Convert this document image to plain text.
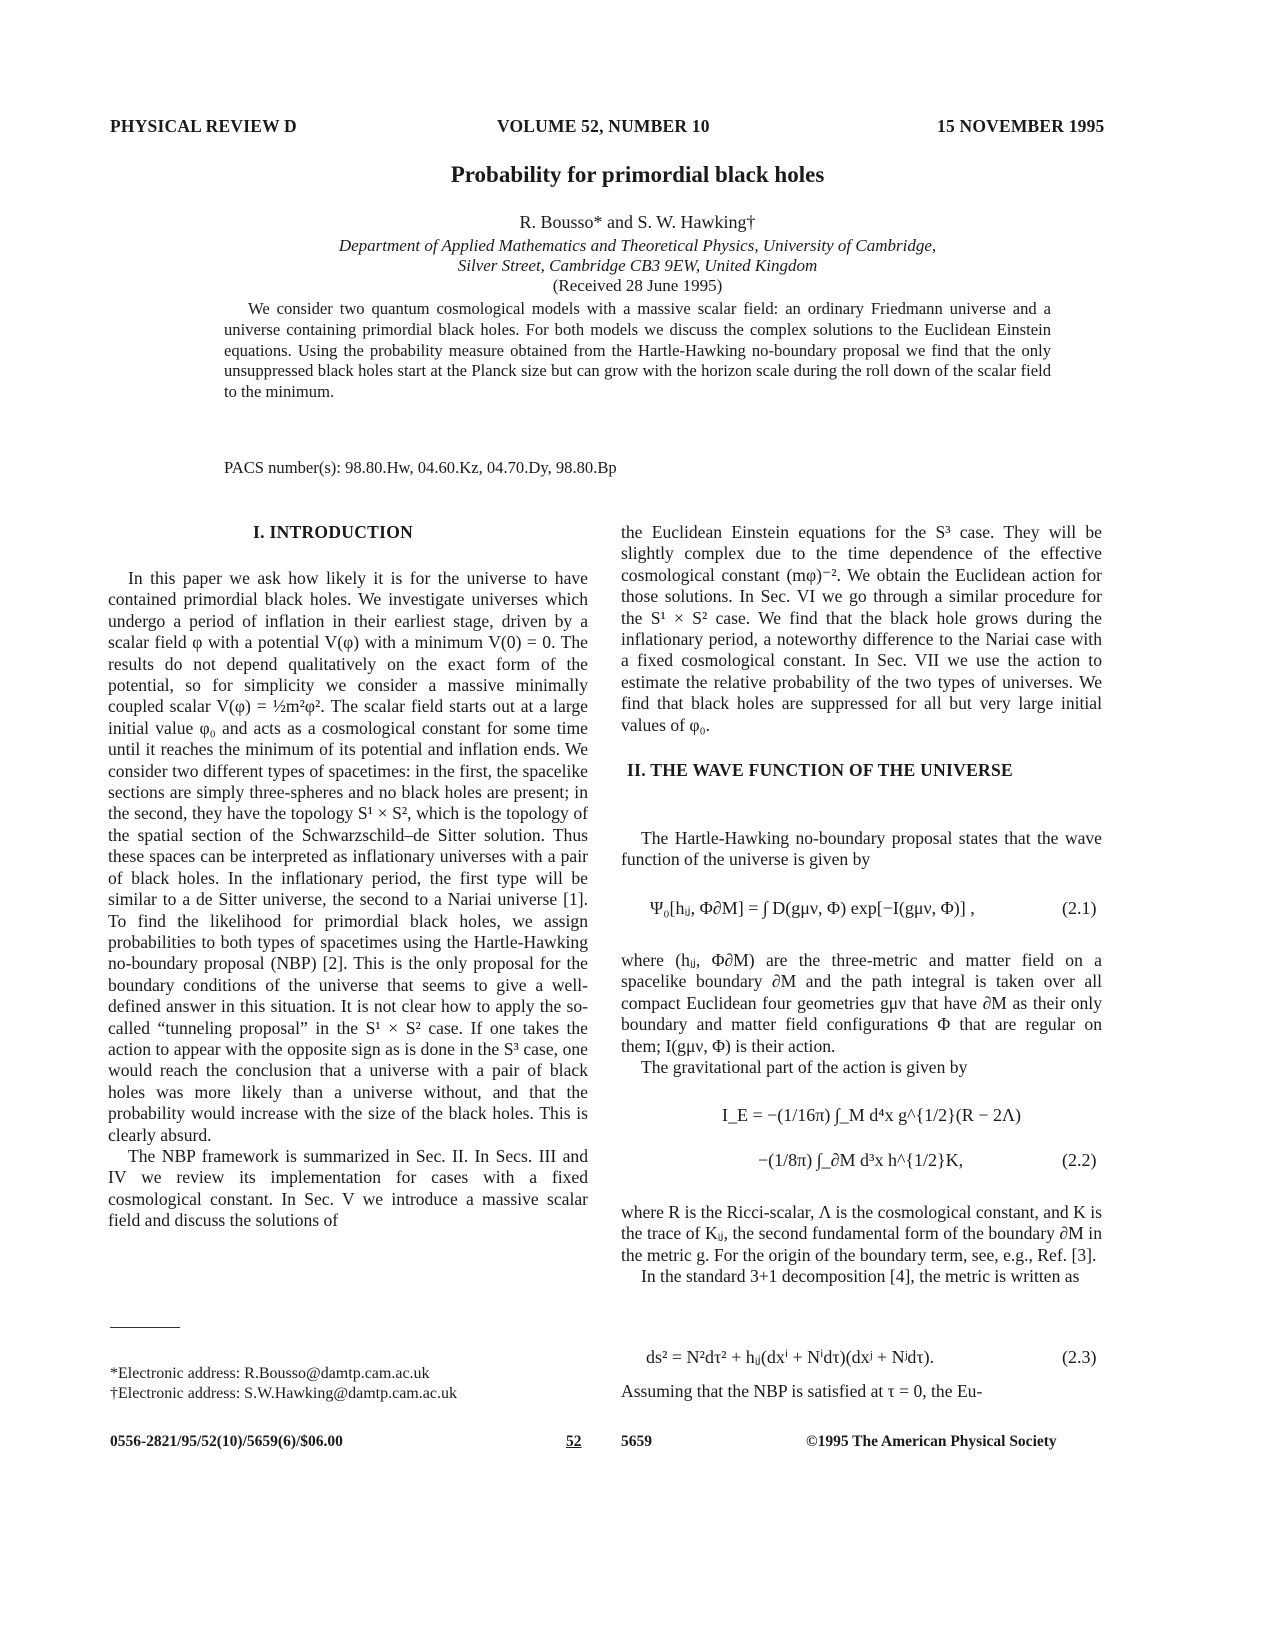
PHYSICAL REVIEW D	VOLUME 52, NUMBER 10	15 NOVEMBER 1995
Probability for primordial black holes
R. Bousso* and S. W. Hawking†
Department of Applied Mathematics and Theoretical Physics, University of Cambridge,
Silver Street, Cambridge CB3 9EW, United Kingdom
(Received 28 June 1995)

We consider two quantum cosmological models with a massive scalar field: an ordinary Friedmann universe and a universe containing primordial black holes. For both models we discuss the complex solutions to the Euclidean Einstein equations. Using the probability measure obtained from the Hartle-Hawking no-boundary proposal we find that the only unsuppressed black holes start at the Planck size but can grow with the horizon scale during the roll down of the scalar field to the minimum.

PACS number(s): 98.80.Hw, 04.60.Kz, 04.70.Dy, 98.80.Bp
I. INTRODUCTION

In this paper we ask how likely it is for the universe to have contained primordial black holes. We investigate universes which undergo a period of inflation in their earliest stage, driven by a scalar field φ with a potential V(φ) with a minimum V(0) = 0. The results do not depend qualitatively on the exact form of the potential, so for simplicity we consider a massive minimally coupled scalar V(φ) = ½m²φ². The scalar field starts out at a large initial value φ₀ and acts as a cosmological constant for some time until it reaches the minimum of its potential and inflation ends. We consider two different types of spacetimes: in the first, the spacelike sections are simply three-spheres and no black holes are present; in the second, they have the topology S¹ × S², which is the topology of the spatial section of the Schwarzschild–de Sitter solution. Thus these spaces can be interpreted as inflationary universes with a pair of black holes. In the inflationary period, the first type will be similar to a de Sitter universe, the second to a Nariai universe [1]. To find the likelihood for primordial black holes, we assign probabilities to both types of spacetimes using the Hartle-Hawking no-boundary proposal (NBP) [2]. This is the only proposal for the boundary conditions of the universe that seems to give a well-defined answer in this situation. It is not clear how to apply the so-called “tunneling proposal” in the S¹ × S² case. If one takes the action to appear with the opposite sign as is done in the S³ case, one would reach the conclusion that a universe with a pair of black holes was more likely than a universe without, and that the probability would increase with the size of the black holes. This is clearly absurd.

The NBP framework is summarized in Sec. II. In Secs. III and IV we review its implementation for cases with a fixed cosmological constant. In Sec. V we introduce a massive scalar field and discuss the solutions of

*Electronic address: R.Bousso@damtp.cam.ac.uk
†Electronic address: S.W.Hawking@damtp.cam.ac.uk

the Euclidean Einstein equations for the S³ case. They will be slightly complex due to the time dependence of the effective cosmological constant (mφ)⁻². We obtain the Euclidean action for those solutions. In Sec. VI we go through a similar procedure for the S¹ × S² case. We find that the black hole grows during the inflationary period, a noteworthy difference to the Nariai case with a fixed cosmological constant. In Sec. VII we use the action to estimate the relative probability of the two types of universes. We find that black holes are suppressed for all but very large initial values of φ₀.

II. THE WAVE FUNCTION OF THE UNIVERSE

The Hartle-Hawking no-boundary proposal states that the wave function of the universe is given by

Ψ₀[hᵢⱼ, Φ∂M] = ∫ D(gμν, Φ) exp[−I(gμν, Φ)] ,	(2.1)

where (hᵢⱼ, Φ∂M) are the three-metric and matter field on a spacelike boundary ∂M and the path integral is taken over all compact Euclidean four geometries gμν that have ∂M as their only boundary and matter field configurations Φ that are regular on them; I(gμν, Φ) is their action.

The gravitational part of the action is given by

I_E = −(1/16π) ∫_M d⁴x g^{1/2}(R − 2Λ)
−(1/8π) ∫_∂M d³x h^{1/2}K,	(2.2)

where R is the Ricci-scalar, Λ is the cosmological constant, and K is the trace of Kᵢⱼ, the second fundamental form of the boundary ∂M in the metric g. For the origin of the boundary term, see, e.g., Ref. [3].

In the standard 3+1 decomposition [4], the metric is written as

ds² = N²dτ² + hᵢⱼ(dxⁱ + Nⁱdτ)(dxʲ + Nʲdτ).	(2.3)

Assuming that the NBP is satisfied at τ = 0, the Eu-

0556-2821/95/52(10)/5659(6)/$06.00	52	5659	©1995 The American Physical Society
